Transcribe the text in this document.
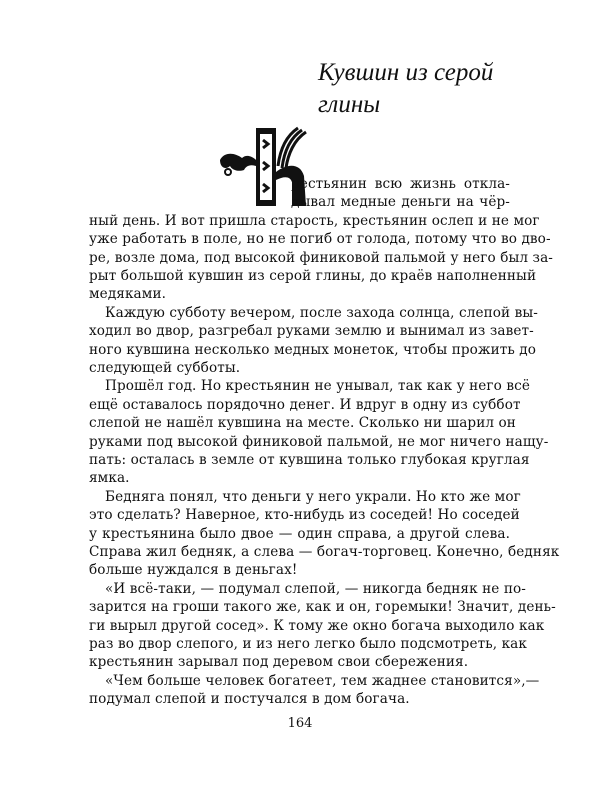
Кувшин из серой
глины
рестьянин всю жизнь откла-
дывал медные деньги на чёр-
ный день. И вот пришла старость, крестьянин ослеп и не мог
уже работать в поле, но не погиб от голода, потому что во дво-
ре, возле дома, под высокой финиковой пальмой у него был за-
рыт большой кувшин из серой глины, до краёв наполненный
медяками.
Каждую субботу вечером, после захода солнца, слепой вы-
ходил во двор, разгребал руками землю и вынимал из завет-
ного кувшина несколько медных монеток, чтобы прожить до
следующей субботы.
Прошёл год. Но крестьянин не унывал, так как у него всё
ещё оставалось порядочно денег. И вдруг в одну из суббот
слепой не нашёл кувшина на месте. Сколько ни шарил он
руками под высокой финиковой пальмой, не мог ничего нащу-
пать: осталась в земле от кувшина только глубокая круглая
ямка.
Бедняга понял, что деньги у него украли. Но кто же мог
это сделать? Наверное, кто-нибудь из соседей! Но соседей
у крестьянина было двое — один справа, а другой слева.
Справа жил бедняк, а слева — богач-торговец. Конечно, бедняк
больше нуждался в деньгах!
«И всё-таки, — подумал слепой, — никогда бедняк не по-
зарится на гроши такого же, как и он, горемыки! Значит, день-
ги вырыл другой сосед». К тому же окно богача выходило как
раз во двор слепого, и из него легко было подсмотреть, как
крестьянин зарывал под деревом свои сбережения.
«Чем больше человек богатеет, тем жаднее становится»,—
подумал слепой и постучался в дом богача.
164
